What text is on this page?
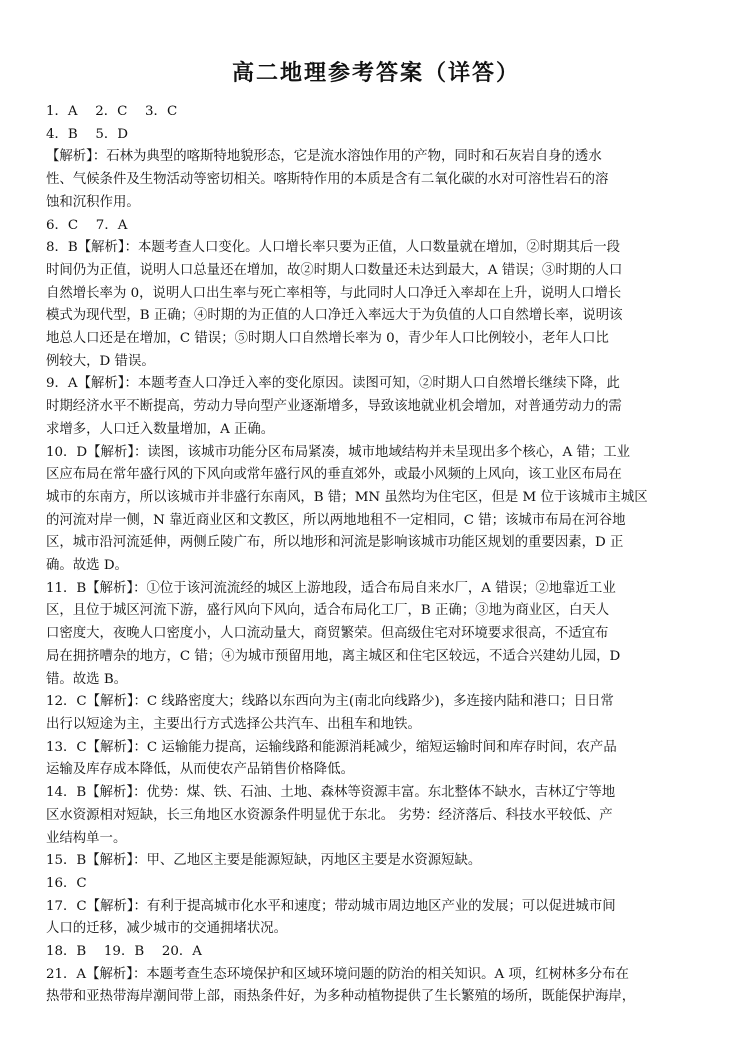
高二地理参考答案（详答）

1．A　 2．C　 3．C

4．B　 5．D

【解析】：石林为典型的喀斯特地貌形态，它是流水溶蚀作用的产物，同时和石灰岩自身的透水

性、气候条件及生物活动等密切相关。喀斯特作用的本质是含有二氧化碳的水对可溶性岩石的溶

蚀和沉积作用。

6．C　 7．A

8．B【解析】：本题考查人口变化。人口增长率只要为正值，人口数量就在增加，②时期其后一段

时间仍为正值，说明人口总量还在增加，故②时期人口数量还未达到最大，A 错误；③时期的人口

自然增长率为 0，说明人口出生率与死亡率相等，与此同时人口净迁入率却在上升，说明人口增长

模式为现代型，B 正确；④时期的为正值的人口净迁入率远大于为负值的人口自然增长率，说明该

地总人口还是在增加，C 错误；⑤时期人口自然增长率为 0，青少年人口比例较小，老年人口比

例较大，D 错误。

9．A【解析】：本题考查人口净迁入率的变化原因。读图可知，②时期人口自然增长继续下降，此

时期经济水平不断提高，劳动力导向型产业逐渐增多，导致该地就业机会增加，对普通劳动力的需

求增多，人口迁入数量增加，A 正确。

10．D【解析】：读图，该城市功能分区布局紧凑，城市地域结构并未呈现出多个核心，A 错；工业

区应布局在常年盛行风的下风向或常年盛行风的垂直郊外，或最小风频的上风向，该工业区布局在

城市的东南方，所以该城市并非盛行东南风，B 错；MN 虽然均为住宅区，但是 M 位于该城市主城区

的河流对岸一侧，N 靠近商业区和文教区，所以两地地租不一定相同，C 错；该城市布局在河谷地

区，城市沿河流延伸，两侧丘陵广布，所以地形和河流是影响该城市功能区规划的重要因素，D 正

确。故选 D。

11．B【解析】：①位于该河流流经的城区上游地段，适合布局自来水厂，A 错误；②地靠近工业

区，且位于城区河流下游，盛行风向下风向，适合布局化工厂，B 正确；③地为商业区，白天人

口密度大，夜晚人口密度小，人口流动量大，商贸繁荣。但高级住宅对环境要求很高，不适宜布

局在拥挤嘈杂的地方，C 错；④为城市预留用地，离主城区和住宅区较远，不适合兴建幼儿园，D

错。故选 B。

12．C【解析】：C 线路密度大；线路以东西向为主(南北向线路少)，多连接内陆和港口；日日常

出行以短途为主，主要出行方式选择公共汽车、出租车和地铁。

13．C【解析】：C 运输能力提高，运输线路和能源消耗减少，缩短运输时间和库存时间，农产品

运输及库存成本降低，从而使农产品销售价格降低。

14．B【解析】：优势：煤、铁、石油、土地、森林等资源丰富。东北整体不缺水，吉林辽宁等地

区水资源相对短缺，长三角地区水资源条件明显优于东北。 劣势：经济落后、科技水平较低、产

业结构单一。

15．B【解析】：甲、乙地区主要是能源短缺，丙地区主要是水资源短缺。

16．C

17．C【解析】：有利于提高城市化水平和速度；带动城市周边地区产业的发展；可以促进城市间

人口的迁移，减少城市的交通拥堵状况。

18．B　 19．B　 20．A

21．A【解析】：本题考查生态环境保护和区域环境问题的防治的相关知识。A 项，红树林多分布在

热带和亚热带海岸潮间带上部，雨热条件好，为多种动植物提供了生长繁殖的场所，既能保护海岸，
